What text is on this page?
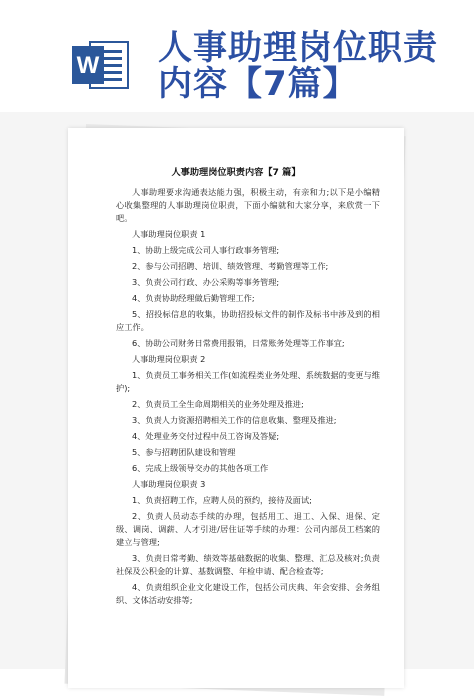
W 人事助理岗位职责
内容【7篇】
人事助理岗位职责内容【7 篇】

人事助理要求沟通表达能力强，积极主动，有亲和力;以下是小编精心收集整理的人事助理岗位职责，下面小编就和大家分享，来欣赏一下吧。

人事助理岗位职责 1

1、协助上级完成公司人事行政事务管理;

2、参与公司招聘、培训、绩效管理、考勤管理等工作;

3、负责公司行政、办公采购等事务管理;

4、负责协助经理做后勤管理工作;

5、招投标信息的收集，协助招投标文件的制作及标书中涉及到的相应工作。

6、协助公司财务日常费用报销，日常账务处理等工作事宜;

人事助理岗位职责 2

1、负责员工事务相关工作(如流程类业务处理、系统数据的变更与维护);

2、负责员工全生命周期相关的业务处理及推进;

3、负责人力资源招聘相关工作的信息收集、整理及推进;

4、处理业务交付过程中员工咨询及答疑;

5、参与招聘团队建设和管理

6、完成上级领导交办的其他各项工作

人事助理岗位职责 3

1、负责招聘工作，应聘人员的预约，接待及面试;

2、负责人员动态手续的办理，包括用工、退工、入保、退保、定级、调岗、调薪、人才引进/居住证等手续的办理：公司内部员工档案的建立与管理;

3、负责日常考勤、绩效等基础数据的收集、整理、汇总及核对;负责社保及公积金的计算、基数调整、年检申请、配合检查等;

4、负责组织企业文化建设工作，包括公司庆典、年会安排、会务组织、文体活动安排等;
